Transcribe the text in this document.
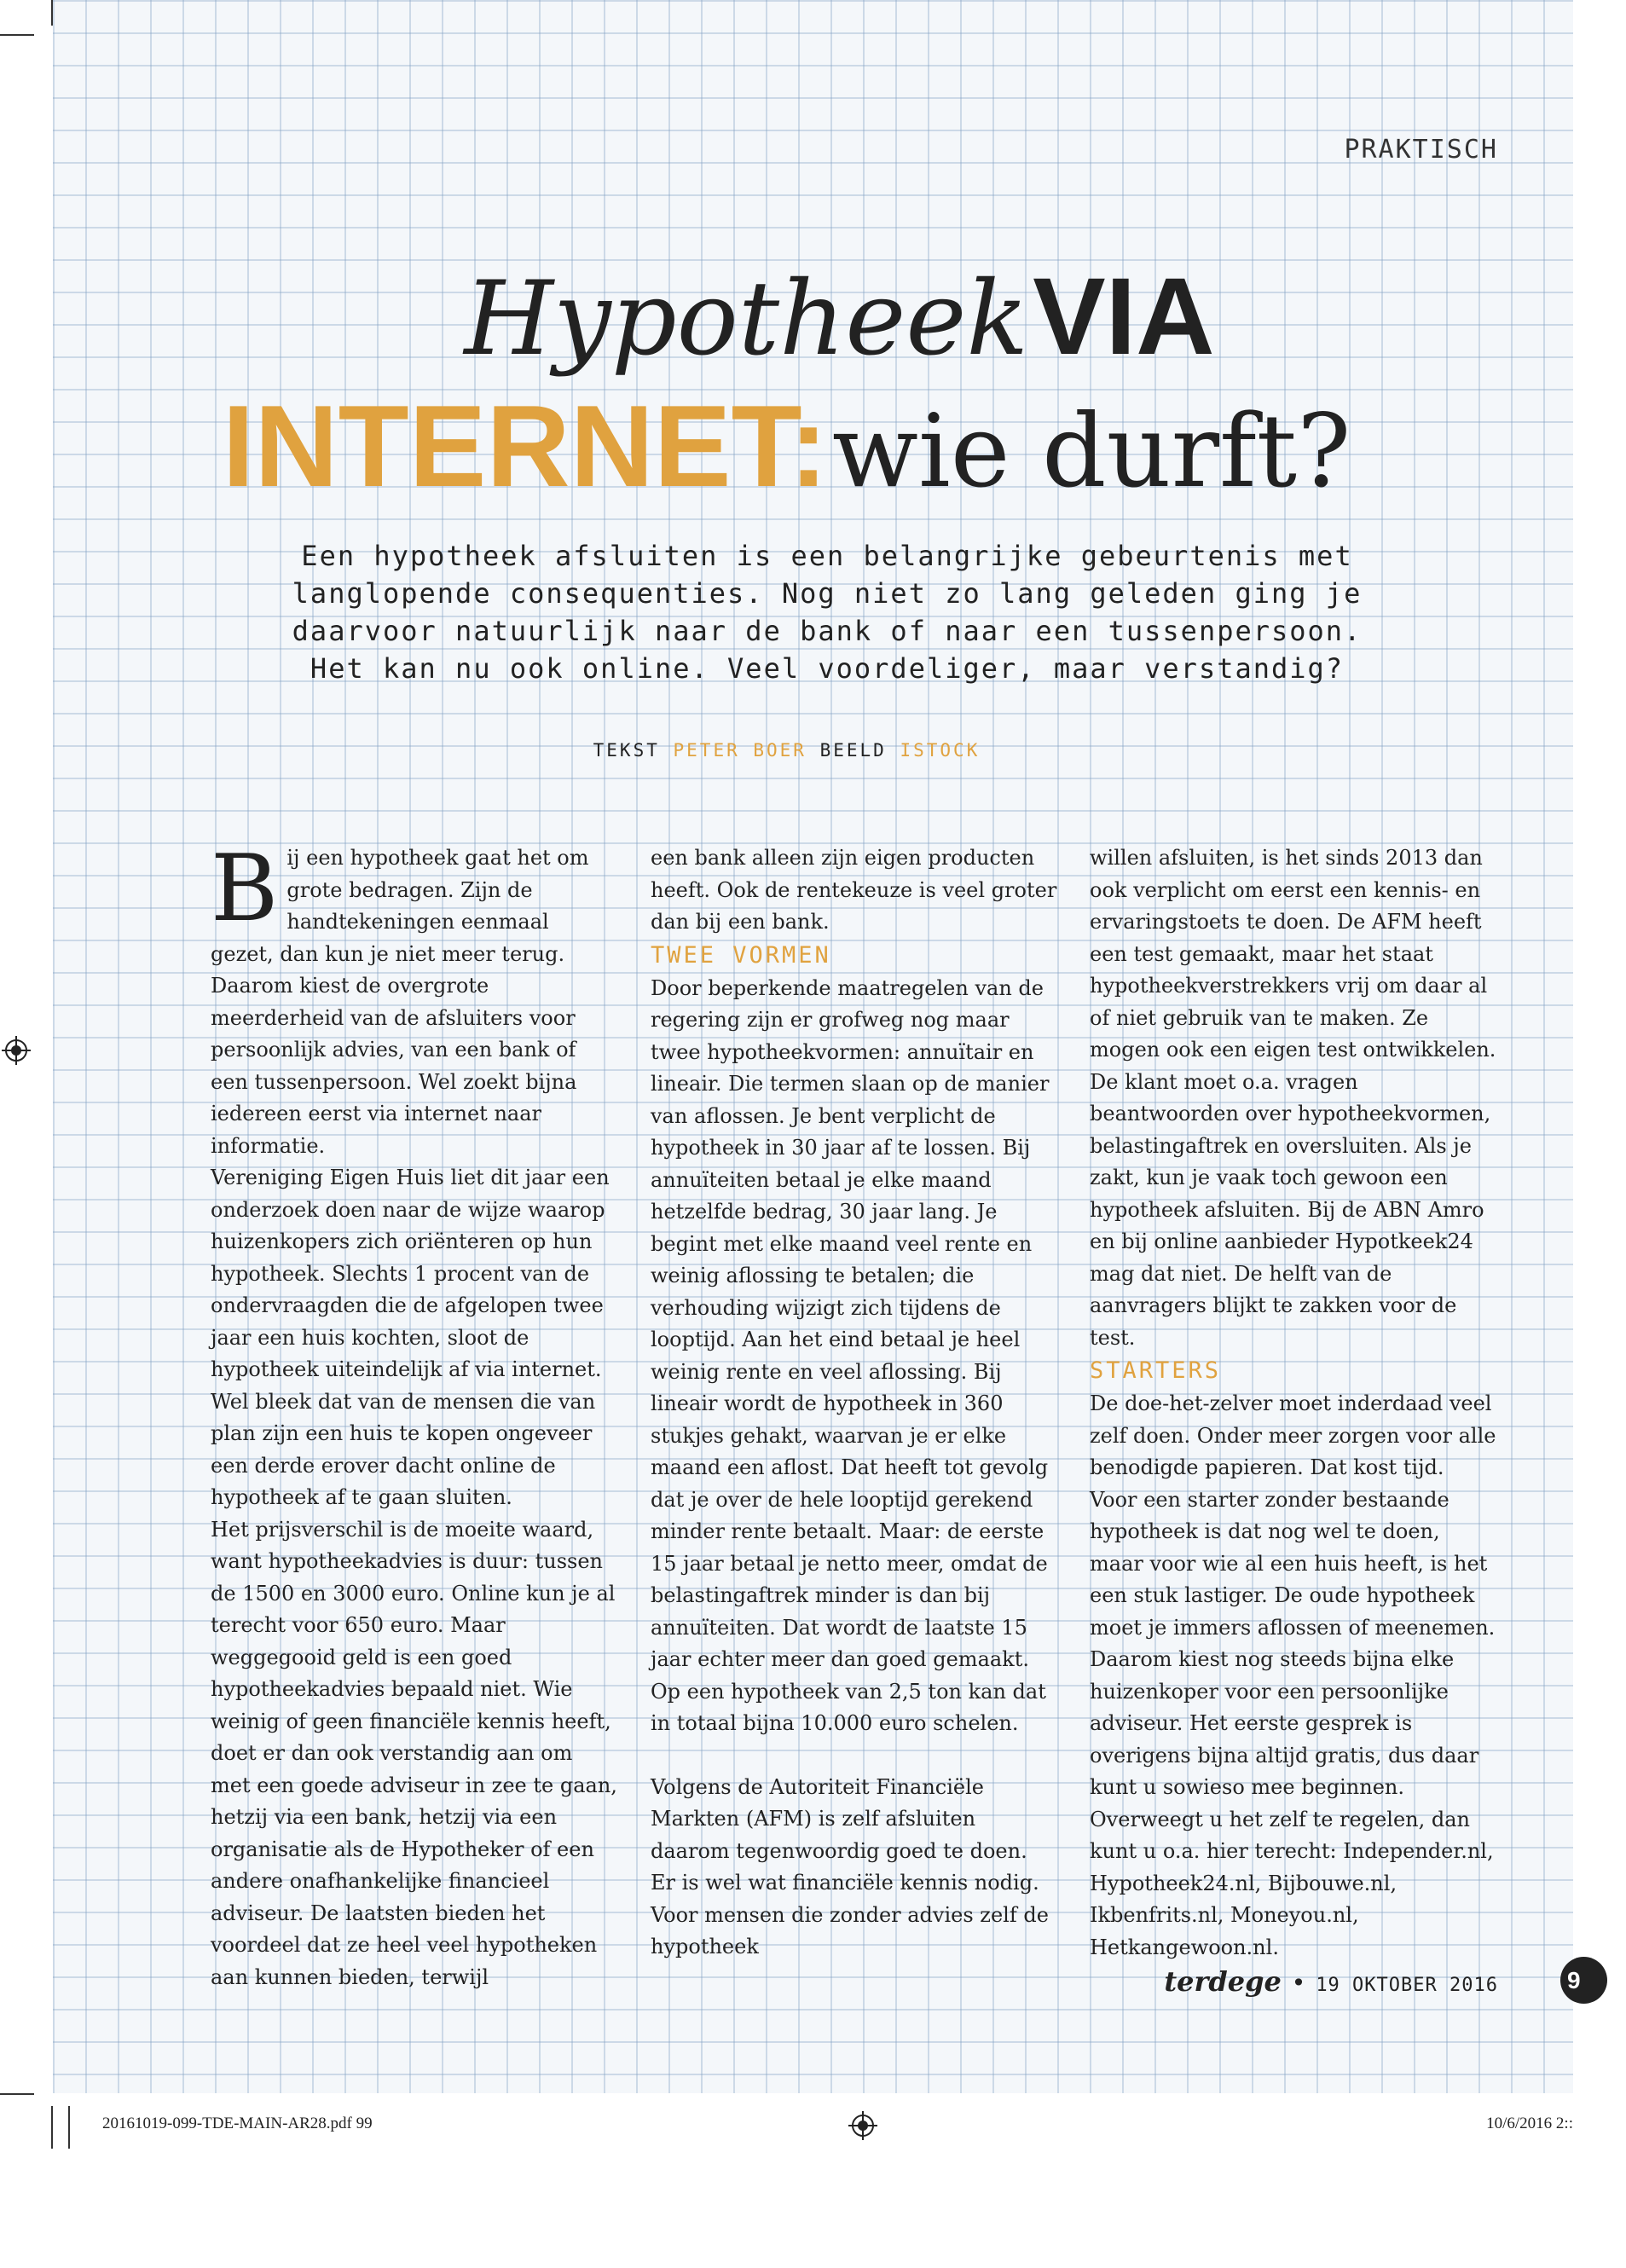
PRAKTISCH
Hypotheek VIA
INTERNET: wie durft?
Een hypotheek afsluiten is een belangrijke gebeurtenis met
langlopende consequenties. Nog niet zo lang geleden ging je
daarvoor natuurlijk naar de bank of naar een tussenpersoon.
Het kan nu ook online. Veel voordeliger, maar verstandig?
TEKST PETER BOER BEELD ISTOCK
B ij een hypotheek gaat het om grote bedragen. Zijn de handtekeningen eenmaal gezet, dan kun je niet meer terug. Daarom kiest de overgrote meerderheid van de afsluiters voor persoonlijk advies, van een bank of een tussenpersoon. Wel zoekt bijna iedereen eerst via internet naar informatie.

Vereniging Eigen Huis liet dit jaar een onderzoek doen naar de wijze waarop huizenkopers zich oriënteren op hun hypotheek. Slechts 1 procent van de ondervraagden die de afgelopen twee jaar een huis kochten, sloot de hypotheek uiteindelijk af via internet. Wel bleek dat van de mensen die van plan zijn een huis te kopen ongeveer een derde erover dacht online de hypotheek af te gaan sluiten.

Het prijsverschil is de moeite waard, want hypotheekadvies is duur: tussen de 1500 en 3000 euro. Online kun je al terecht voor 650 euro. Maar weggegooid geld is een goed hypotheekadvies bepaald niet. Wie weinig of geen financiële kennis heeft, doet er dan ook verstandig aan om met een goede adviseur in zee te gaan, hetzij via een bank, hetzij via een organisatie als de Hypotheker of een andere onafhankelijke financieel adviseur. De laatsten bieden het voordeel dat ze heel veel hypotheken aan kunnen bieden, terwijl

een bank alleen zijn eigen producten heeft. Ook de rentekeuze is veel groter dan bij een bank.

TWEE VORMEN

Door beperkende maatregelen van de regering zijn er grofweg nog maar twee hypotheekvormen: annuïtair en lineair. Die termen slaan op de manier van aflossen. Je bent verplicht de hypotheek in 30 jaar af te lossen. Bij annuïteiten betaal je elke maand hetzelfde bedrag, 30 jaar lang. Je begint met elke maand veel rente en weinig aflossing te betalen; die verhouding wijzigt zich tijdens de looptijd. Aan het eind betaal je heel weinig rente en veel aflossing. Bij lineair wordt de hypotheek in 360 stukjes gehakt, waarvan je er elke maand een aflost. Dat heeft tot gevolg dat je over de hele looptijd gerekend minder rente betaalt. Maar: de eerste 15 jaar betaal je netto meer, omdat de belastingaftrek minder is dan bij annuïteiten. Dat wordt de laatste 15 jaar echter meer dan goed gemaakt. Op een hypotheek van 2,5 ton kan dat in totaal bijna 10.000 euro schelen.

Volgens de Autoriteit Financiële Markten (AFM) is zelf afsluiten daarom tegenwoordig goed te doen. Er is wel wat financiële kennis nodig. Voor mensen die zonder advies zelf de hypotheek

willen afsluiten, is het sinds 2013 dan ook verplicht om eerst een kennis- en ervaringstoets te doen. De AFM heeft een test gemaakt, maar het staat hypotheekverstrekkers vrij om daar al of niet gebruik van te maken. Ze mogen ook een eigen test ontwikkelen.

De klant moet o.a. vragen beantwoorden over hypotheekvormen, belastingaftrek en oversluiten. Als je zakt, kun je vaak toch gewoon een hypotheek afsluiten. Bij de ABN Amro en bij online aanbieder Hypotkeek24 mag dat niet. De helft van de aanvragers blijkt te zakken voor de test.

STARTERS

De doe-het-zelver moet inderdaad veel zelf doen. Onder meer zorgen voor alle benodigde papieren. Dat kost tijd. Voor een starter zonder bestaande hypotheek is dat nog wel te doen, maar voor wie al een huis heeft, is het een stuk lastiger. De oude hypotheek moet je immers aflossen of meenemen.

Daarom kiest nog steeds bijna elke huizenkoper voor een persoonlijke adviseur. Het eerste gesprek is overigens bijna altijd gratis, dus daar kunt u sowieso mee beginnen. Overweegt u het zelf te regelen, dan kunt u o.a. hier terecht: Independer.nl, Hypotheek24.nl, Bijbouwe.nl, Ikbenfrits.nl, Moneyou.nl, Hetkangewoon.nl.

terdege • 19 OKTOBER 2016	9
20161019-099-TDE-MAIN-AR28.pdf 99	10/6/2016 2::
